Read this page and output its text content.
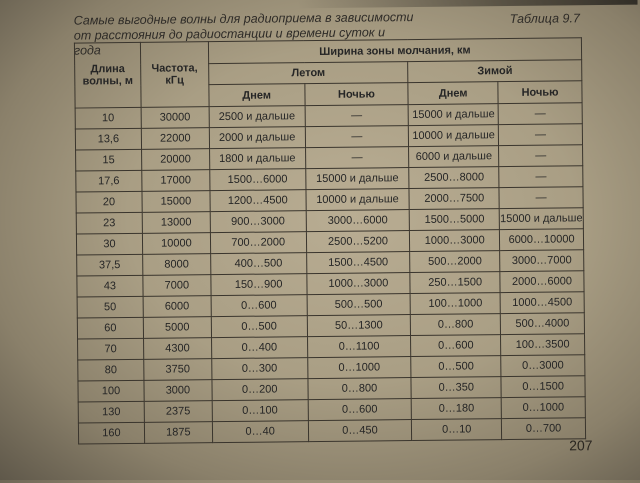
Самые выгодные волны для радиоприема в зависимости
от расстояния до радиостанции и времени суток и года
Таблица 9.7
Длина волны, м	Частота, кГц	Ширина зоны молчания, км			
		Летом		Зимой	
		Днем	Ночью	Днем	Ночью
10	30000	2500 и дальше	—	15000 и дальше	—
13,6	22000	2000 и дальше	—	10000 и дальше	—
15	20000	1800 и дальше	—	6000 и дальше	—
17,6	17000	1500…6000	15000 и дальше	2500…8000	—
20	15000	1200…4500	10000 и дальше	2000…7500	—
23	13000	900…3000	3000…6000	1500…5000	15000 и дальше
30	10000	700…2000	2500…5200	1000…3000	6000…10000
37,5	8000	400…500	1500…4500	500…2000	3000…7000
43	7000	150…900	1000…3000	250…1500	2000…6000
50	6000	0…600	500…500	100…1000	1000…4500
60	5000	0…500	50…1300	0…800	500…4000
70	4300	0…400	0…1100	0…600	100…3500
80	3750	0…300	0…1000	0…500	0…3000
100	3000	0…200	0…800	0…350	0…1500
130	2375	0…100	0…600	0…180	0…1000
160	1875	0…40	0…450	0…10	0…700
207
